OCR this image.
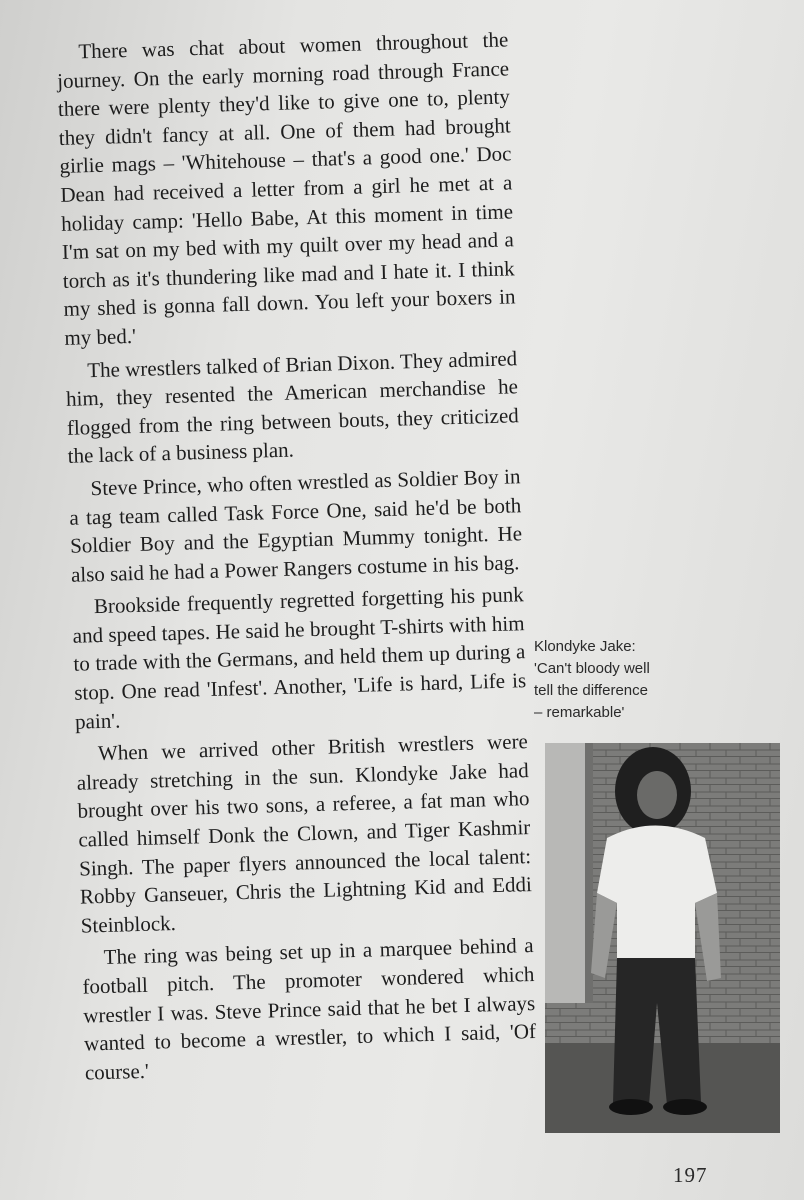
There was chat about women throughout the journey. On the early morning road through France there were plenty they'd like to give one to, plenty they didn't fancy at all. One of them had brought girlie mags – 'Whitehouse – that's a good one.' Doc Dean had received a letter from a girl he met at a holiday camp: 'Hello Babe, At this moment in time I'm sat on my bed with my quilt over my head and a torch as it's thundering like mad and I hate it. I think my shed is gonna fall down. You left your boxers in my bed.'

The wrestlers talked of Brian Dixon. They admired him, they resented the American merchandise he flogged from the ring between bouts, they criticized the lack of a business plan.

Steve Prince, who often wrestled as Soldier Boy in a tag team called Task Force One, said he'd be both Soldier Boy and the Egyptian Mummy tonight. He also said he had a Power Rangers costume in his bag.

Brookside frequently regretted forgetting his punk and speed tapes. He said he brought T-shirts with him to trade with the Germans, and held them up during a stop. One read 'Infest'. Another, 'Life is hard, Life is pain'.

When we arrived other British wrestlers were already stretching in the sun. Klondyke Jake had brought over his two sons, a referee, a fat man who called himself Donk the Clown, and Tiger Kashmir Singh. The paper flyers announced the local talent: Robby Ganseuer, Chris the Lightning Kid and Eddi Steinblock.

The ring was being set up in a marquee behind a football pitch. The promoter wondered which wrestler I was. Steve Prince said that he bet I always wanted to become a wrestler, to which I said, 'Of course.'

Klondyke Jake:
'Can't bloody well
tell the difference
– remarkable'
197
